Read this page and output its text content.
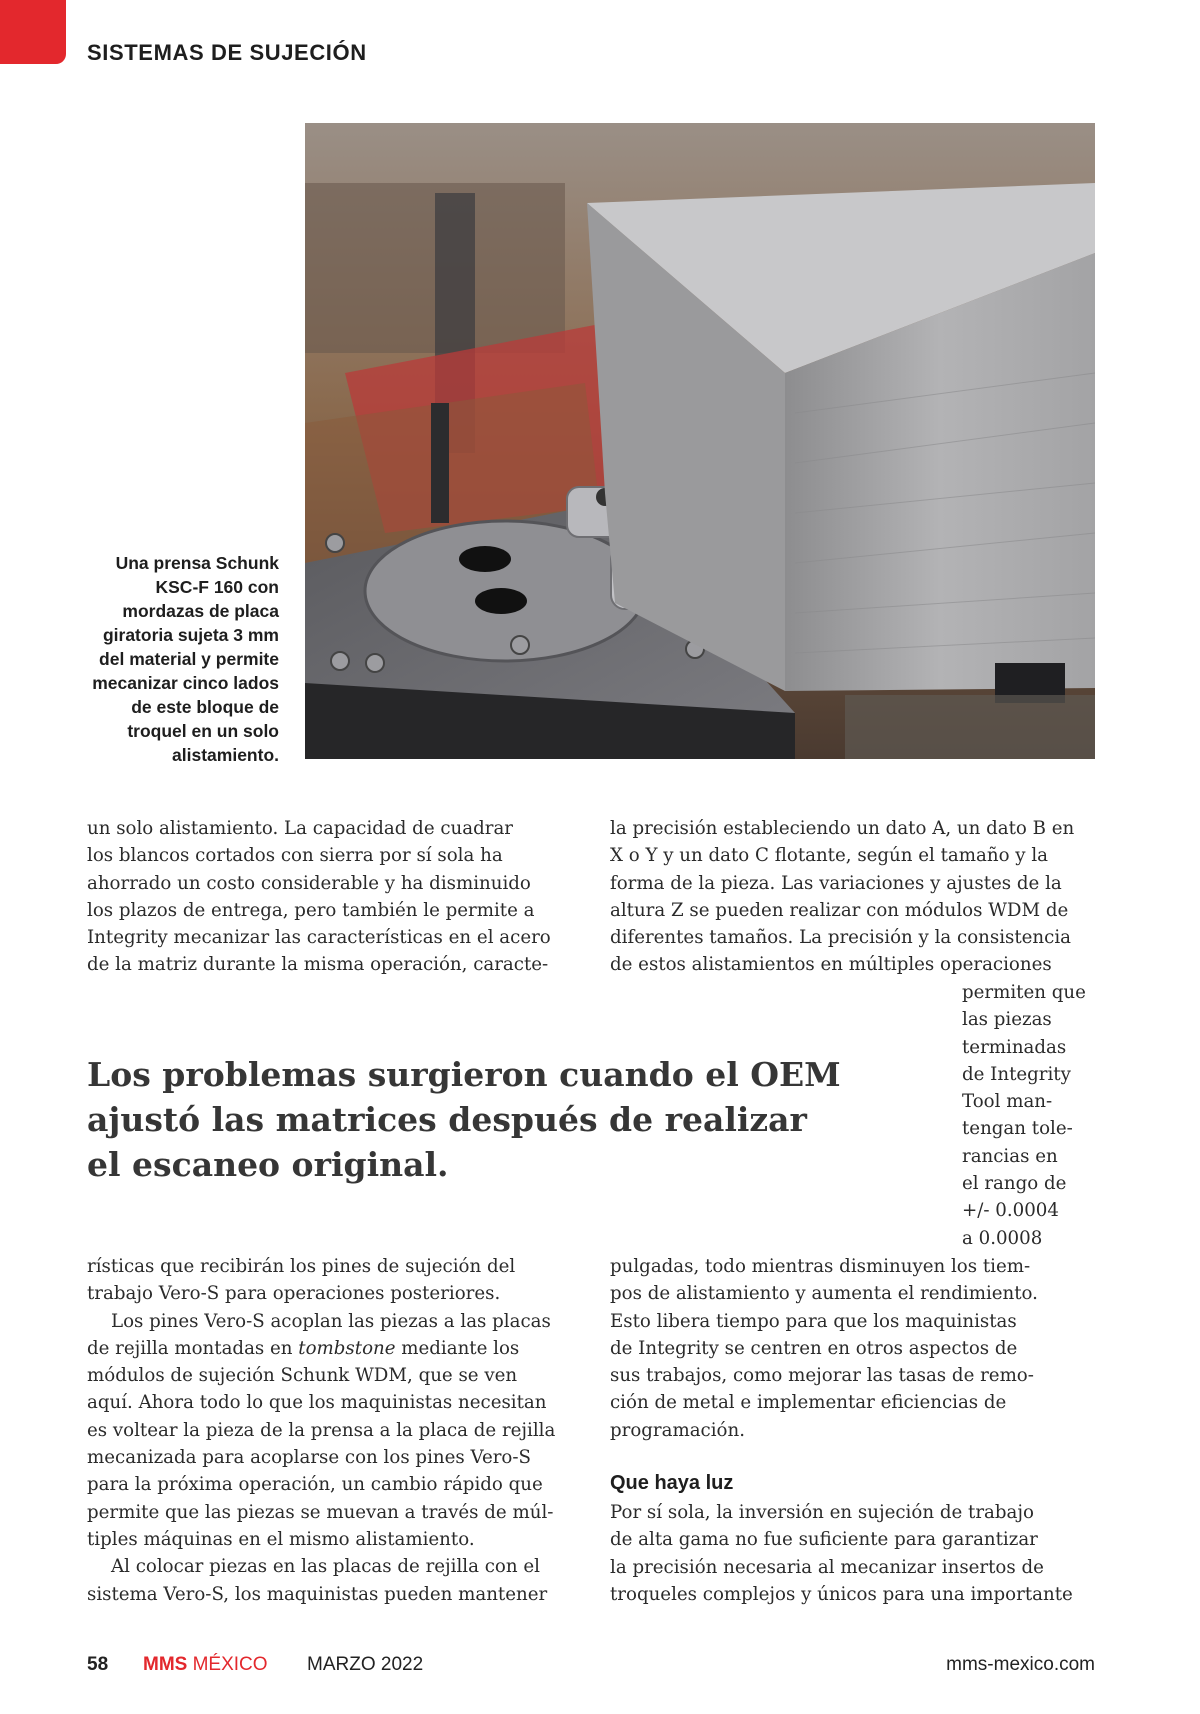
SISTEMAS DE SUJECIÓN
Una prensa Schunk
KSC-F 160 con
mordazas de placa
giratoria sujeta 3 mm
del material y permite
mecanizar cinco lados
de este bloque de
troquel en un solo
alistamiento.
un solo alistamiento. La capacidad de cuadrar
los blancos cortados con sierra por sí sola ha
ahorrado un costo considerable y ha disminuido
los plazos de entrega, pero también le permite a
Integrity mecanizar las características en el acero
de la matriz durante la misma operación, caracte-
la precisión estableciendo un dato A, un dato B en
X o Y y un dato C flotante, según el tamaño y la
forma de la pieza. Las variaciones y ajustes de la
altura Z se pueden realizar con módulos WDM de
diferentes tamaños. La precisión y la consistencia
de estos alistamientos en múltiples operaciones
permiten que
las piezas
terminadas
de Integrity
Tool man-
tengan tole-
rancias en
el rango de
+/- 0.0004
a 0.0008
Los problemas surgieron cuando el OEM
ajustó las matrices después de realizar
el escaneo original.
rísticas que recibirán los pines de sujeción del
trabajo Vero-S para operaciones posteriores.
Los pines Vero-S acoplan las piezas a las placas
de rejilla montadas en tombstone mediante los
módulos de sujeción Schunk WDM, que se ven
aquí. Ahora todo lo que los maquinistas necesitan
es voltear la pieza de la prensa a la placa de rejilla
mecanizada para acoplarse con los pines Vero-S
para la próxima operación, un cambio rápido que
permite que las piezas se muevan a través de múl-
tiples máquinas en el mismo alistamiento.
Al colocar piezas en las placas de rejilla con el
sistema Vero-S, los maquinistas pueden mantener
pulgadas, todo mientras disminuyen los tiem-
pos de alistamiento y aumenta el rendimiento.
Esto libera tiempo para que los maquinistas
de Integrity se centren en otros aspectos de
sus trabajos, como mejorar las tasas de remo-
ción de metal e implementar eficiencias de
programación.
Que haya luz
Por sí sola, la inversión en sujeción de trabajo
de alta gama no fue suficiente para garantizar
la precisión necesaria al mecanizar insertos de
troqueles complejos y únicos para una importante
58 MMS MÉXICO MARZO 2022	mms-mexico.com
